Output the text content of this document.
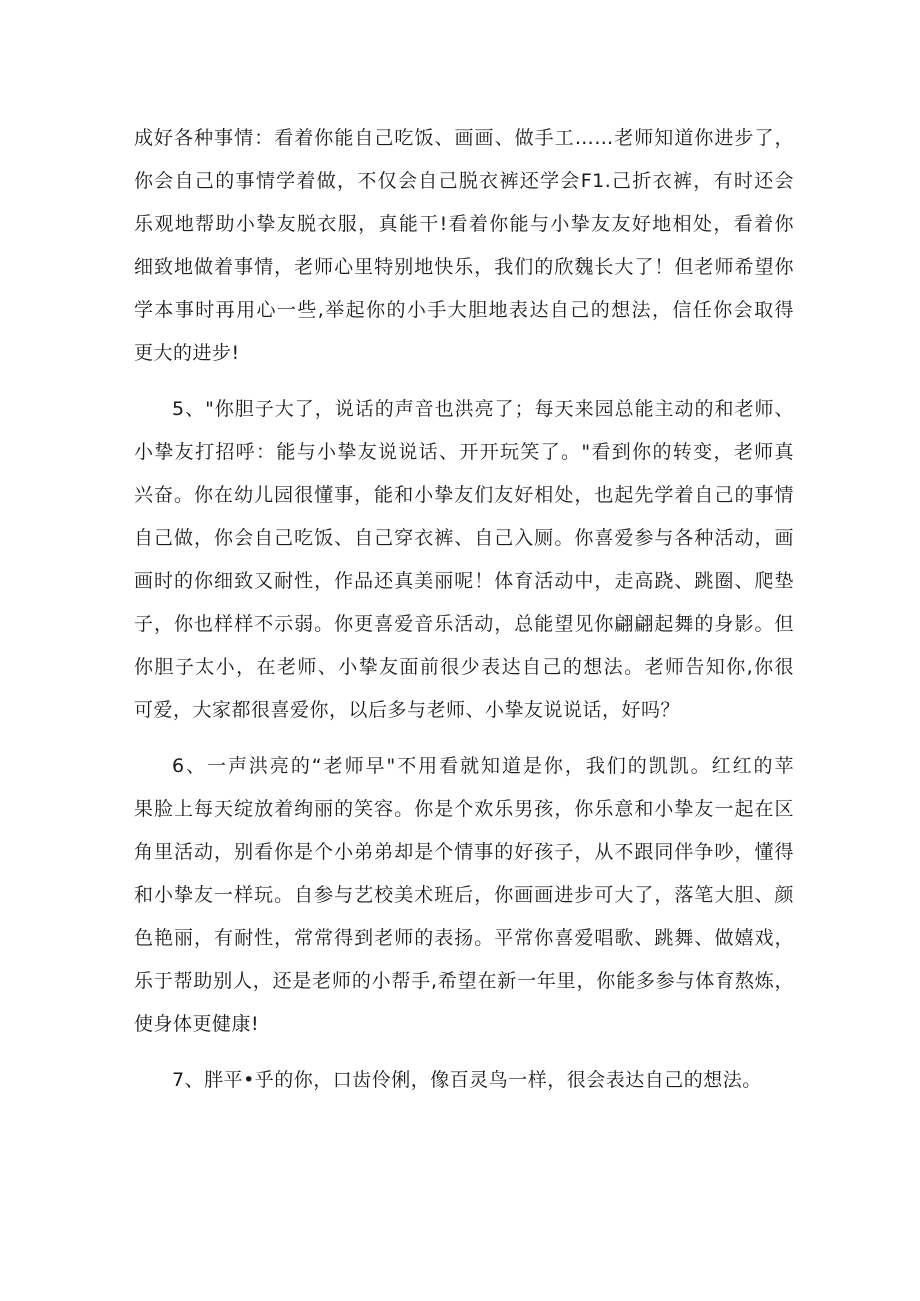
成好各种事情：看着你能自己吃饭、画画、做手工……老师知道你进步了，
你会自己的事情学着做，不仅会自己脱衣裤还学会F1.己折衣裤，有时还会
乐观地帮助小挚友脱衣服，真能干!看着你能与小挚友友好地相处，看着你
细致地做着事情，老师心里特别地快乐，我们的欣魏长大了！但老师希望你
学本事时再用心一些,举起你的小手大胆地表达自己的想法，信任你会取得
更大的进步!
5、"你胆子大了，说话的声音也洪亮了；每天来园总能主动的和老师、
小挚友打招呼：能与小挚友说说话、开开玩笑了。"看到你的转变，老师真
兴奋。你在幼儿园很懂事，能和小挚友们友好相处，也起先学着自己的事情
自己做，你会自己吃饭、自己穿衣裤、自己入厕。你喜爱参与各种活动，画
画时的你细致又耐性，作品还真美丽呢！体育活动中，走高跷、跳圈、爬垫
子，你也样样不示弱。你更喜爱音乐活动，总能望见你翩翩起舞的身影。但
你胆子太小，在老师、小挚友面前很少表达自己的想法。老师告知你,你很
可爱，大家都很喜爱你，以后多与老师、小挚友说说话，好吗？
6、一声洪亮的“老师早"不用看就知道是你，我们的凯凯。红红的苹
果脸上每天绽放着绚丽的笑容。你是个欢乐男孩，你乐意和小挚友一起在区
角里活动，别看你是个小弟弟却是个情事的好孩子，从不跟同伴争吵，懂得
和小挚友一样玩。自参与艺校美术班后，你画画进步可大了，落笔大胆、颜
色艳丽，有耐性，常常得到老师的表扬。平常你喜爱唱歌、跳舞、做嬉戏，
乐于帮助别人，还是老师的小帮手,希望在新一年里，你能多参与体育熬炼，
使身体更健康!
7、胖平•乎的你，口齿伶俐，像百灵鸟一样，很会表达自己的想法。
